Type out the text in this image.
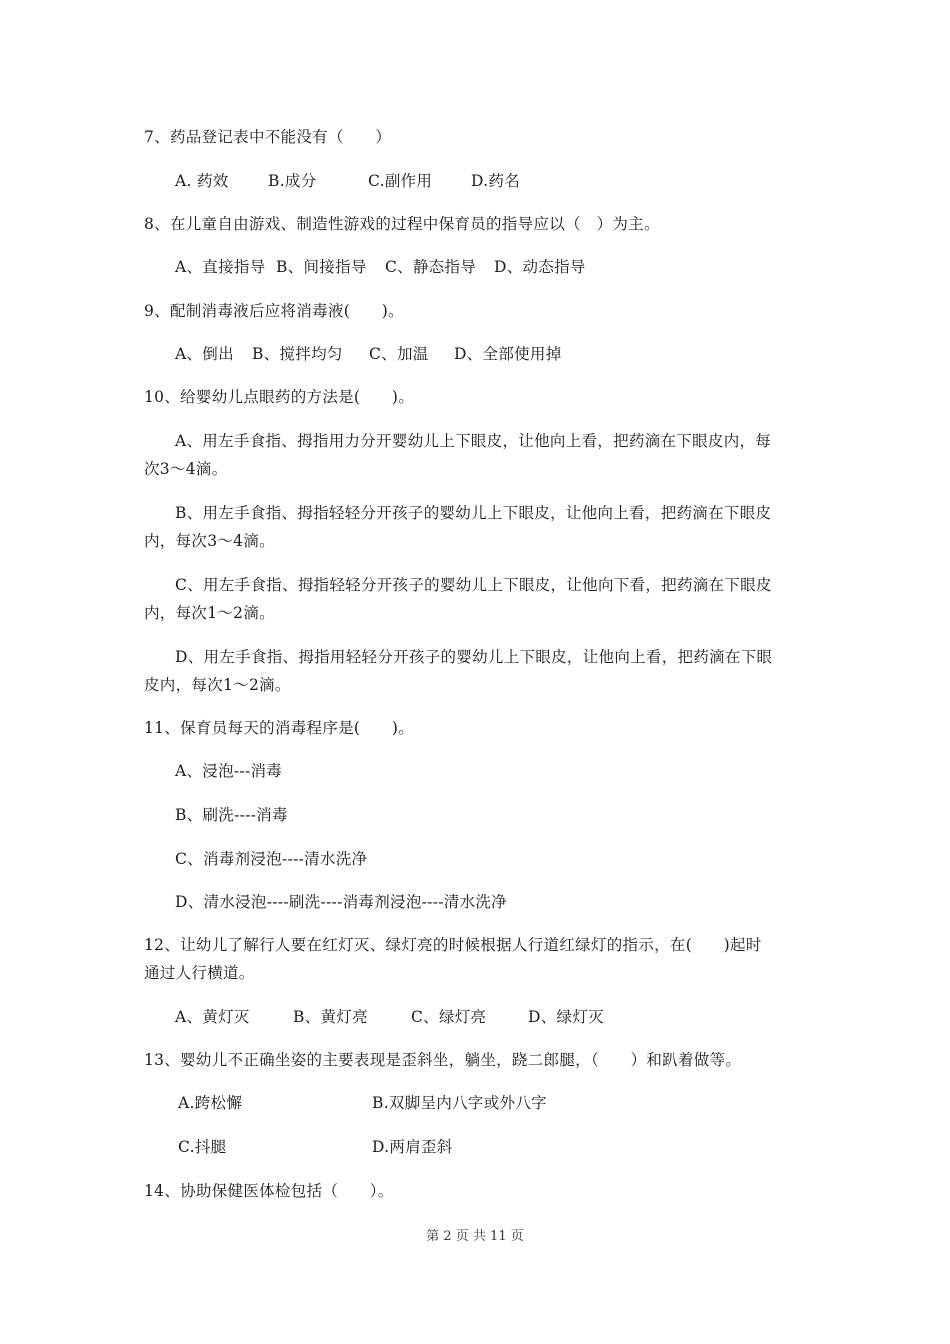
7、药品登记表中不能没有（　　）
A. 药效	B.成分	C.副作用	D.药名
8、在儿童自由游戏、制造性游戏的过程中保育员的指导应以（　）为主。
A、直接指导 B、间接指导 C、静态指导 D、动态指导
9、配制消毒液后应将消毒液(　　)。
A、倒出 B、搅拌均匀 C、加温 D、全部使用掉
10、给婴幼儿点眼药的方法是(　　)。
A、用左手食指、拇指用力分开婴幼儿上下眼皮，让他向上看，把药滴在下眼皮内，每
次3～4滴。
B、用左手食指、拇指轻轻分开孩子的婴幼儿上下眼皮，让他向上看，把药滴在下眼皮
内，每次3～4滴。
C、用左手食指、拇指轻轻分开孩子的婴幼儿上下眼皮，让他向下看，把药滴在下眼皮
内，每次1～2滴。
D、用左手食指、拇指用轻轻分开孩子的婴幼儿上下眼皮，让他向上看，把药滴在下眼
皮内，每次1～2滴。
11、保育员每天的消毒程序是(　　)。
A、浸泡---消毒
B、刷洗----消毒
C、消毒剂浸泡----清水洗净
D、清水浸泡----刷洗----消毒剂浸泡----清水洗净
12、让幼儿了解行人要在红灯灭、绿灯亮的时候根据人行道红绿灯的指示，在(　　)起时
通过人行横道。
A、黄灯灭	B、黄灯亮	C、绿灯亮	D、绿灯灭
13、婴幼儿不正确坐姿的主要表现是歪斜坐，躺坐，跷二郎腿，（　　）和趴着做等。
A.跨松懈	B.双脚呈内八字或外八字
C.抖腿	D.两肩歪斜
14、协助保健医体检包括（　　）。
第 2 页 共 11 页
